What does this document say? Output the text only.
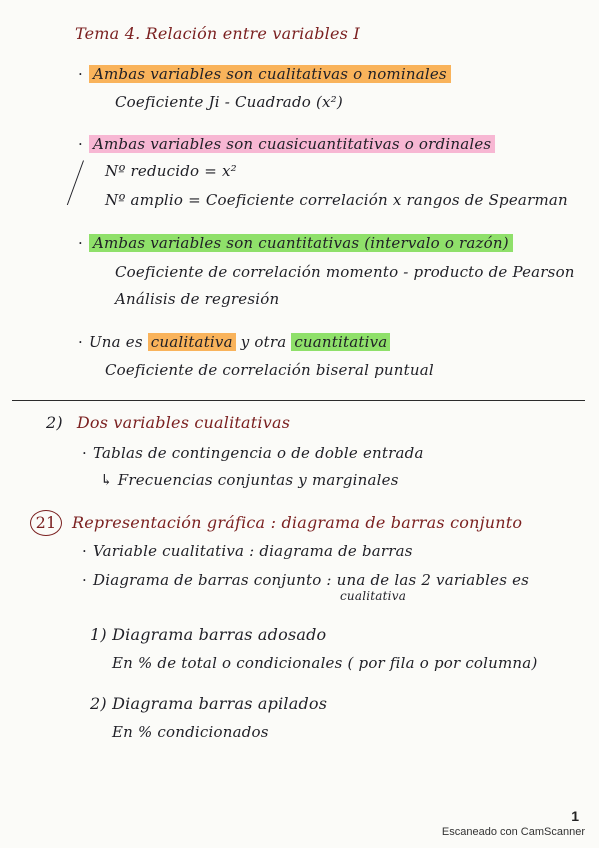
Tema 4. Relación entre variables I
· Ambas variables son cualitativas o nominales
Coeficiente Ji - Cuadrado (x²)
· Ambas variables son cuasicuantitativas o ordinales
Nº reducido = x²
Nº amplio = Coeficiente correlación x rangos de Spearman
· Ambas variables son cuantitativas (intervalo o razón)
Coeficiente de correlación momento - producto de Pearson
Análisis de regresión
· Una es cualitativa y otra cuantitativa
Coeficiente de correlación biseral puntual
2) Dos variables cualitativas
· Tablas de contingencia o de doble entrada
↳ Frecuencias conjuntas y marginales
21 Representación gráfica : diagrama de barras conjunto
· Variable cualitativa : diagrama de barras
· Diagrama de barras conjunto : una de las 2 variables es
cualitativa
1) Diagrama barras adosado
En % de total o condicionales ( por fila o por columna)
2) Diagrama barras apilados
En % condicionados
1
Escaneado con CamScanner
